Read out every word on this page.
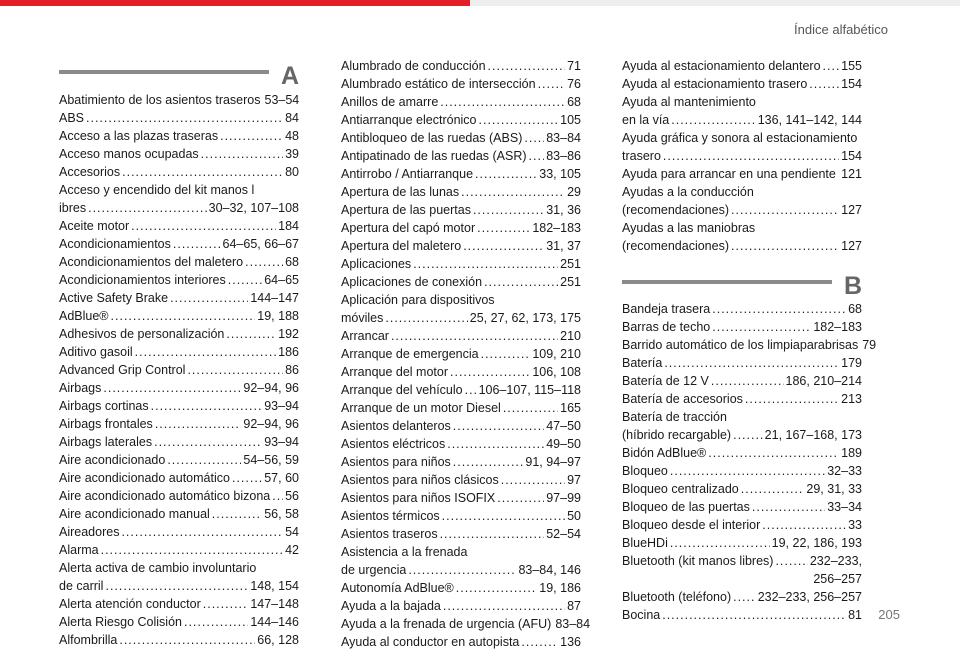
Índice alfabético
A
Abatimiento de los asientos traseros 53–54
ABS .....	84
Acceso a las plazas traseras .....	48
Acceso manos ocupadas .....	39
Accesorios .....	80
Acceso y encendido del kit manos l
ibres .....	30–32, 107–108
Aceite motor .....	184
Acondicionamientos .....	64–65, 66–67
Acondicionamientos del maletero .....	68
Acondicionamientos interiores .....	64–65
Active Safety Brake .....	144–147
AdBlue® .....	19, 188
Adhesivos de personalización .....	192
Aditivo gasoil .....	186
Advanced Grip Control .....	86
Airbags .....	92–94, 96
Airbags cortinas .....	93–94
Airbags frontales .....	92–94, 96
Airbags laterales .....	93–94
Aire acondicionado .....	54–56, 59
Aire acondicionado automático .....	57, 60
Aire acondicionado automático bizona ..... 56
Aire acondicionado manual .....	56, 58
Aireadores .....	54
Alarma .....	42
Alerta activa de cambio involuntario
de carril .....	148, 154
Alerta atención conductor .....	147–148
Alerta Riesgo Colisión .....	144–146
Alfombrilla .....	66, 128
Alumbrado de conducción .....	71
Alumbrado estático de intersección .....	76
Anillos de amarre .....	68
Antiarranque electrónico .....	105
Antibloqueo de las ruedas (ABS) ..... 83–84
Antipatinado de las ruedas (ASR) ..... 83–86
Antirrobo / Antiarranque .....	33, 105
Apertura de las lunas .....	29
Apertura de las puertas .....	31, 36
Apertura del capó motor .....	182–183
Apertura del maletero .....	31, 37
Aplicaciones .....	251
Aplicaciones de conexión .....	251
Aplicación para dispositivos
móviles .....	25, 27, 62, 173, 175
Arrancar .....	210
Arranque de emergencia .....	109, 210
Arranque del motor .....	106, 108
Arranque del vehículo ..... 106–107, 115–118
Arranque de un motor Diesel .....	165
Asientos delanteros .....	47–50
Asientos eléctricos .....	49–50
Asientos para niños .....	91, 94–97
Asientos para niños clásicos .....	97
Asientos para niños ISOFIX .....	97–99
Asientos térmicos .....	50
Asientos traseros .....	52–54
Asistencia a la frenada
de urgencia .....	83–84, 146
Autonomía AdBlue® .....	19, 186
Ayuda a la bajada .....	87
Ayuda a la frenada de urgencia (AFU) 83–84
Ayuda al conductor en autopista .....	136
Ayuda al estacionamiento delantero ..... 155
Ayuda al estacionamiento trasero .....	154
Ayuda al mantenimiento
en la vía .....	136, 141–142, 144
Ayuda gráfica y sonora al estacionamiento
trasero .....	154
Ayuda para arrancar en una pendiente ..... 121
Ayudas a la conducción
(recomendaciones) .....	127
Ayudas a las maniobras
(recomendaciones) .....	127
B
Bandeja trasera .....	68
Barras de techo .....	182–183
Barrido automático de los limpiaparabrisas 79
Batería .....	179
Batería de 12 V .....	186, 210–214
Batería de accesorios .....	213
Batería de tracción
(híbrido recargable) .....	21, 167–168, 173
Bidón AdBlue® .....	189
Bloqueo .....	32–33
Bloqueo centralizado .....	29, 31, 33
Bloqueo de las puertas .....	33–34
Bloqueo desde el interior .....	33
BlueHDi .....	19, 22, 186, 193
Bluetooth (kit manos libres) .....	232–233,
256–257
Bluetooth (teléfono) ..... 232–233, 256–257
Bocina .....	81 205
